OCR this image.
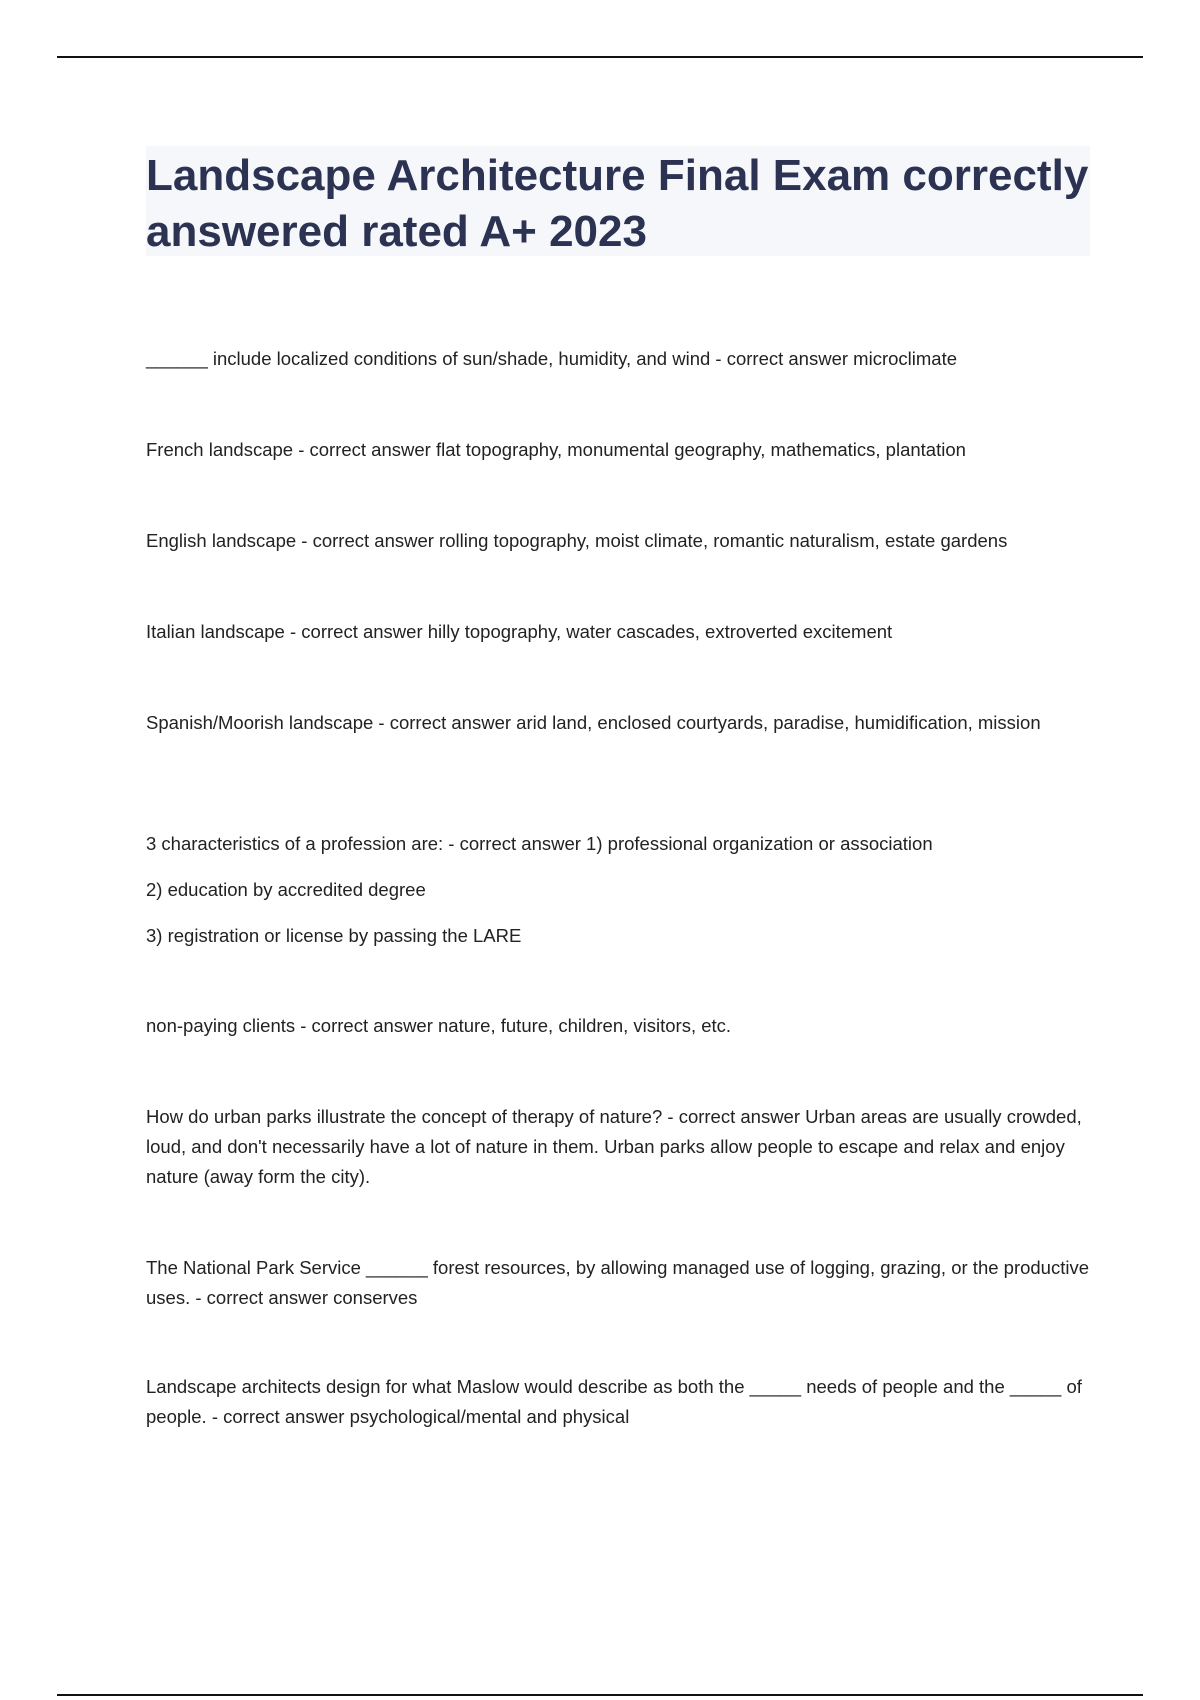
Landscape Architecture Final Exam correctly answered rated A+ 2023

______ include localized conditions of sun/shade, humidity, and wind - correct answer microclimate

French landscape - correct answer flat topography, monumental geography, mathematics, plantation

English landscape - correct answer rolling topography, moist climate, romantic naturalism, estate gardens

Italian landscape - correct answer hilly topography, water cascades, extroverted excitement

Spanish/Moorish landscape - correct answer arid land, enclosed courtyards, paradise, humidification, mission

3 characteristics of a profession are: - correct answer 1) professional organization or association

2) education by accredited degree

3) registration or license by passing the LARE

non-paying clients - correct answer nature, future, children, visitors, etc.

How do urban parks illustrate the concept of therapy of nature? - correct answer Urban areas are usually crowded, loud, and don't necessarily have a lot of nature in them. Urban parks allow people to escape and relax and enjoy nature (away form the city).

The National Park Service ______ forest resources, by allowing managed use of logging, grazing, or the productive uses. - correct answer conserves

Landscape architects design for what Maslow would describe as both the _____ needs of people and the _____ of people. - correct answer psychological/mental and physical
